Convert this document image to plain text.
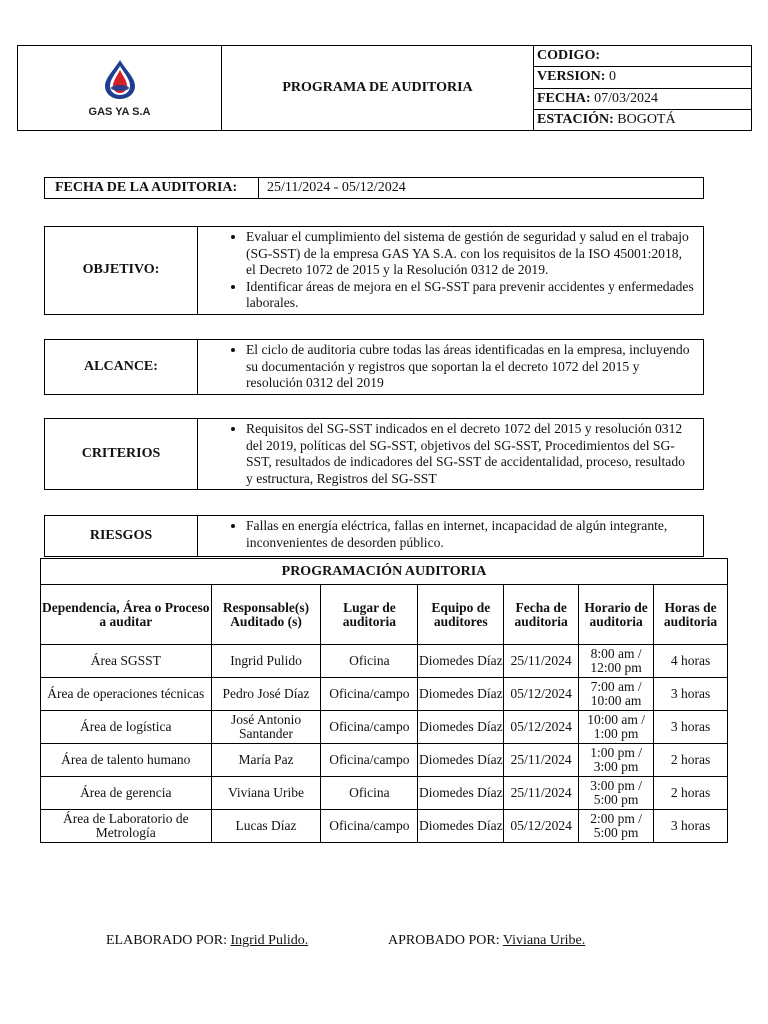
GAS YA S.A
	PROGRAMA DE AUDITORIA	CODIGO:
VERSION: 0
FECHA: 07/03/2024
ESTACIÓN: BOGOTÁ
FECHA DE LA AUDITORIA:	25/11/2024 - 05/12/2024
OBJETIVO:	
• Evaluar el cumplimiento del sistema de gestión de seguridad y salud en el trabajo (SG-SST) de la empresa GAS YA S.A. con los requisitos de la ISO 45001:2018, el Decreto 1072 de 2015 y la Resolución 0312 de 2019.
• Identificar áreas de mejora en el SG-SST para prevenir accidentes y enfermedades laborales.
ALCANCE:	
• El ciclo de auditoria cubre todas las áreas identificadas en la empresa, incluyendo su documentación y registros que soportan la el decreto 1072 del 2015 y resolución 0312 del 2019
CRITERIOS	
• Requisitos del SG-SST indicados en el decreto 1072 del 2015 y resolución 0312 del 2019, políticas del SG-SST, objetivos del SG-SST, Procedimientos del SG-SST, resultados de indicadores del SG-SST de accidentalidad, proceso, resultado y estructura, Registros del SG-SST
RIESGOS	
• Fallas en energía eléctrica, fallas en internet, incapacidad de algún integrante, inconvenientes de desorden público.
PROGRAMACIÓN AUDITORIA						
Dependencia, Área o Proceso a auditar	Responsable(s) Auditado (s)	Lugar de auditoria	Equipo de auditores	Fecha de auditoria	Horario de auditoria	Horas de auditoria
Área SGSST	Ingrid Pulido	Oficina	Diomedes Díaz	25/11/2024	8:00 am / 12:00 pm	4 horas
Área de operaciones técnicas	Pedro José Díaz	Oficina/campo	Diomedes Díaz	05/12/2024	7:00 am / 10:00 am	3 horas
Área de logística	José Antonio Santander	Oficina/campo	Diomedes Díaz	05/12/2024	10:00 am / 1:00 pm	3 horas
Área de talento humano	María Paz	Oficina/campo	Diomedes Díaz	25/11/2024	1:00 pm / 3:00 pm	2 horas
Área de gerencia	Viviana Uribe	Oficina	Diomedes Díaz	25/11/2024	3:00 pm / 5:00 pm	2 horas
Área de Laboratorio de Metrología	Lucas Díaz	Oficina/campo	Diomedes Díaz	05/12/2024	2:00 pm / 5:00 pm	3 horas
ELABORADO POR: Ingrid Pulido.	APROBADO POR: Viviana Uribe.
